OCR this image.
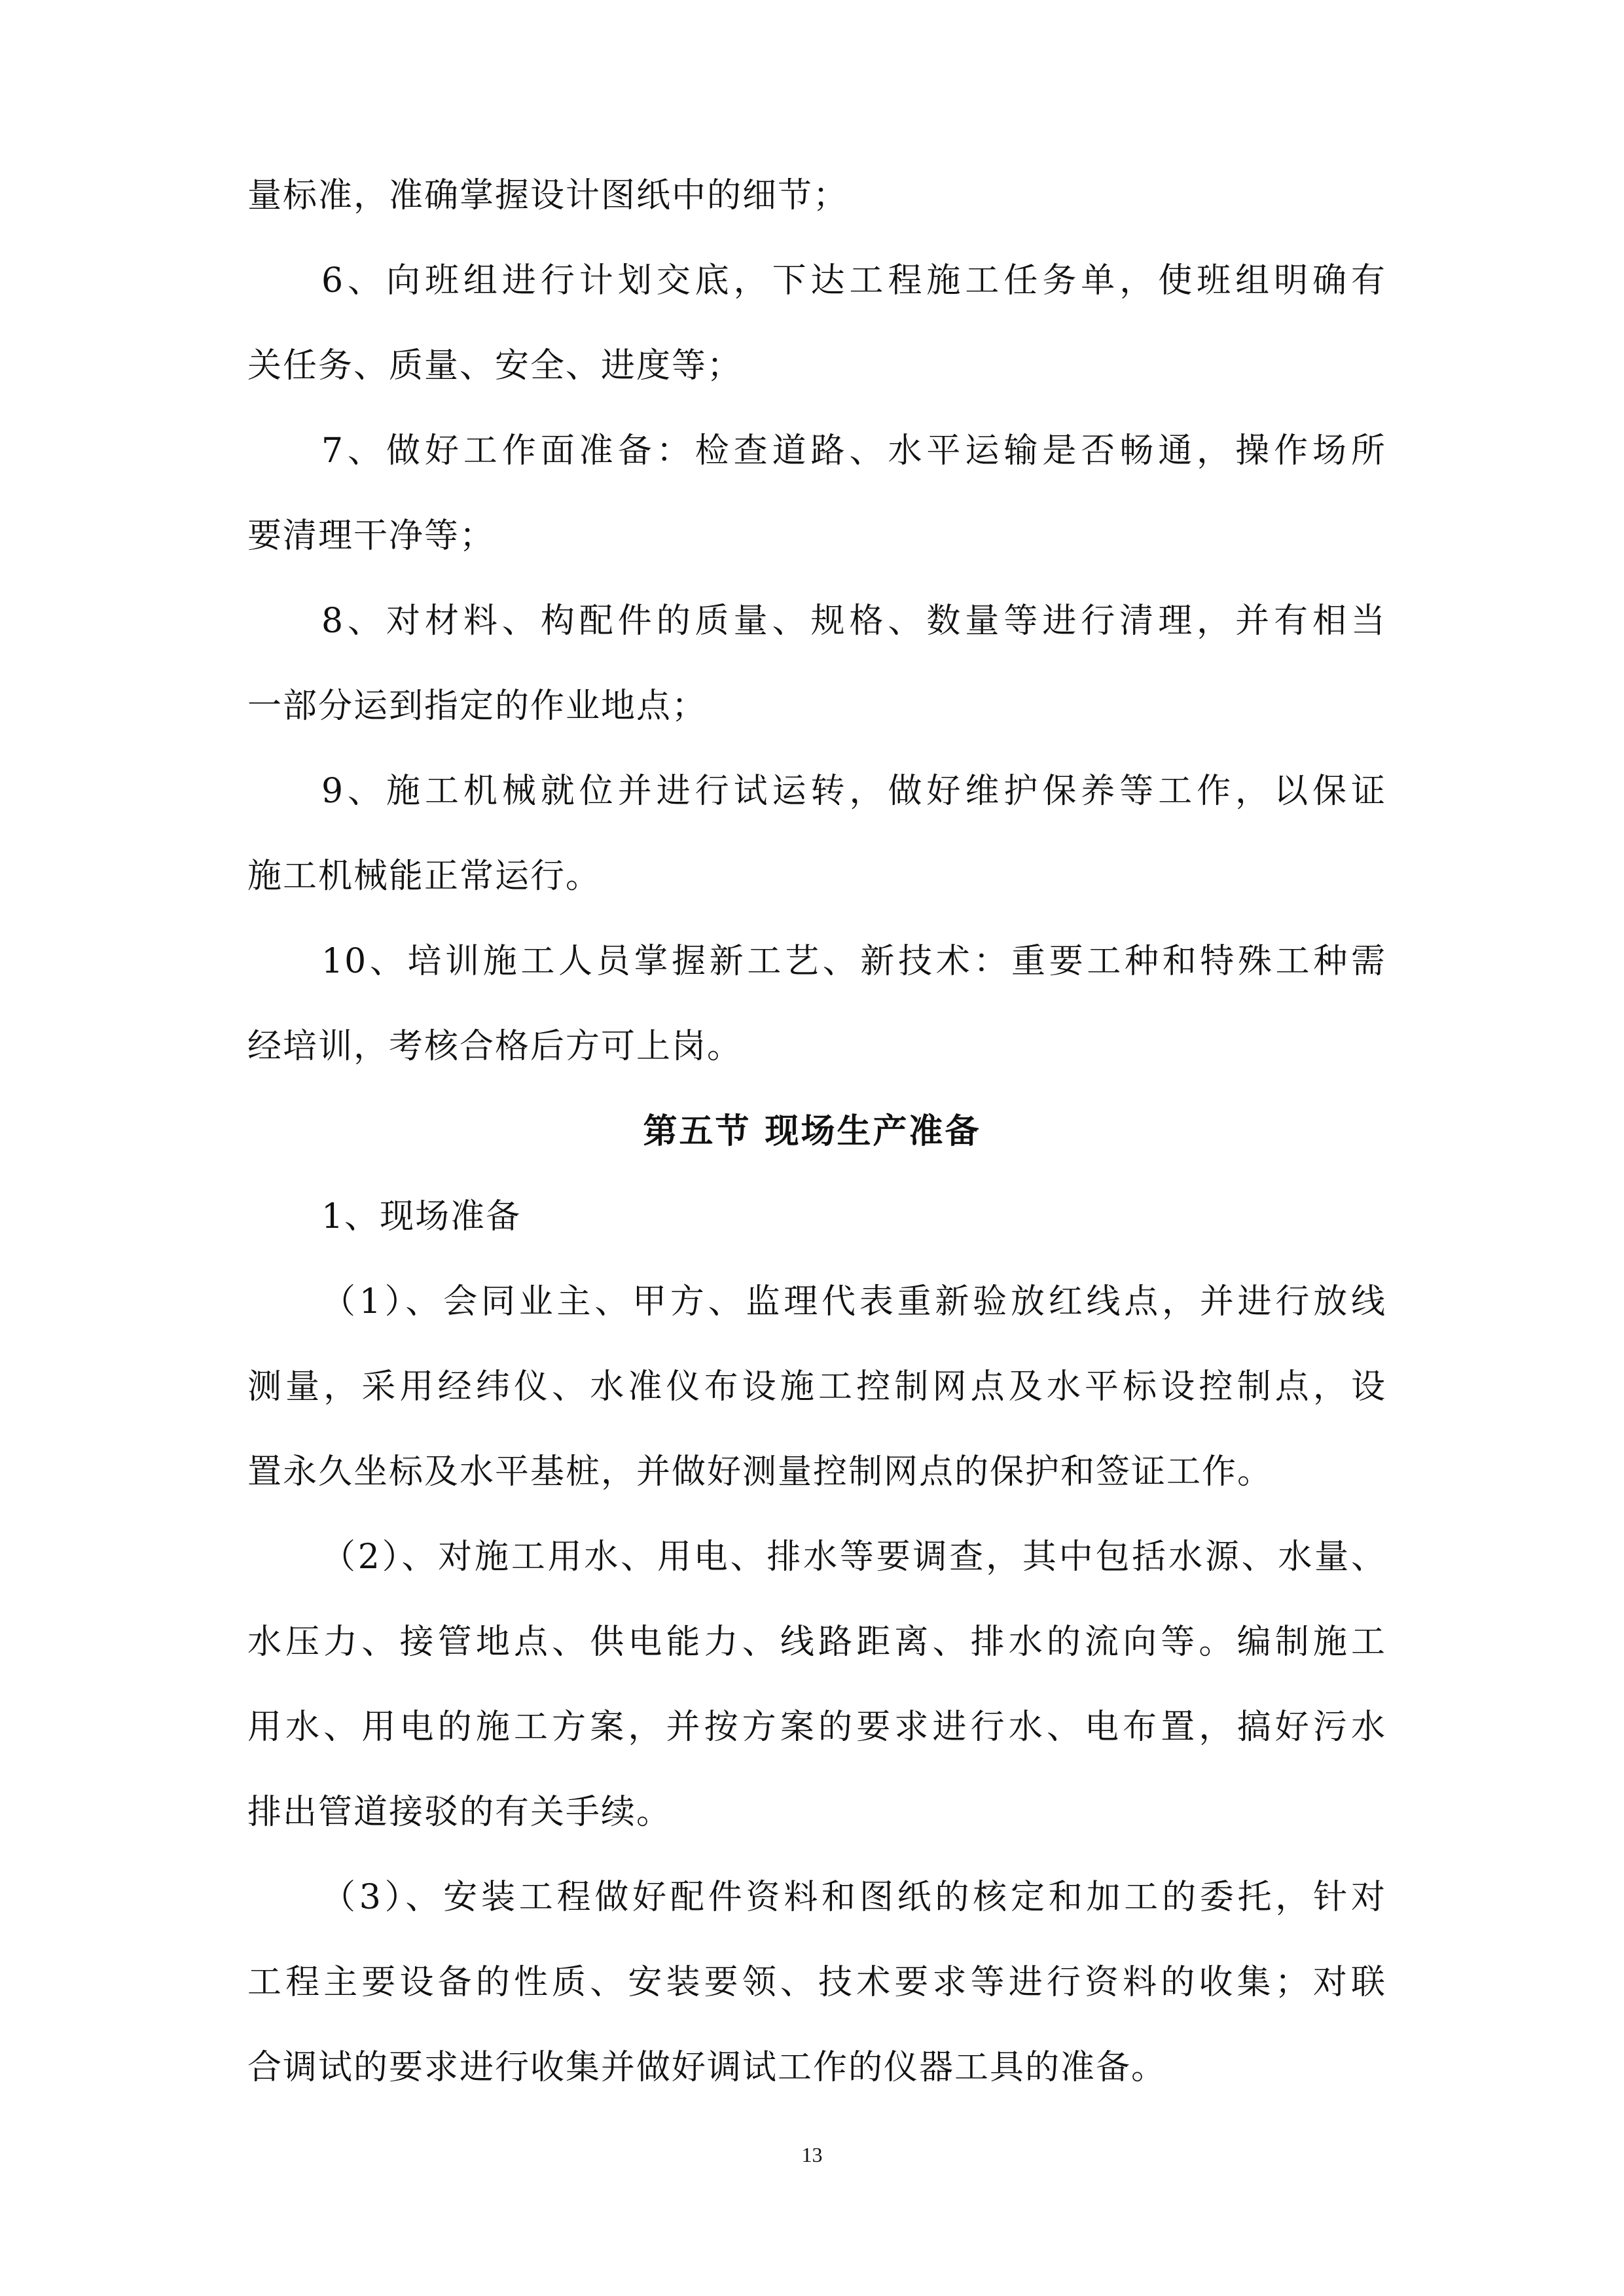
量标准，准确掌握设计图纸中的细节；
6、向班组进行计划交底，下达工程施工任务单，使班组明确有
关任务、质量、安全、进度等；
7、做好工作面准备：检查道路、水平运输是否畅通，操作场所
要清理干净等；
8、对材料、构配件的质量、规格、数量等进行清理，并有相当
一部分运到指定的作业地点；
9、施工机械就位并进行试运转，做好维护保养等工作，以保证
施工机械能正常运行。
10、培训施工人员掌握新工艺、新技术：重要工种和特殊工种需
经培训，考核合格后方可上岗。
第五节 现场生产准备
1、现场准备
（1）、会同业主、甲方、监理代表重新验放红线点，并进行放线
测量，采用经纬仪、水准仪布设施工控制网点及水平标设控制点，设
置永久坐标及水平基桩，并做好测量控制网点的保护和签证工作。
（2）、对施工用水、用电、排水等要调查，其中包括水源、水量、
水压力、接管地点、供电能力、线路距离、排水的流向等。编制施工
用水、用电的施工方案，并按方案的要求进行水、电布置，搞好污水
排出管道接驳的有关手续。
（3）、安装工程做好配件资料和图纸的核定和加工的委托，针对
工程主要设备的性质、安装要领、技术要求等进行资料的收集；对联
合调试的要求进行收集并做好调试工作的仪器工具的准备。
13
